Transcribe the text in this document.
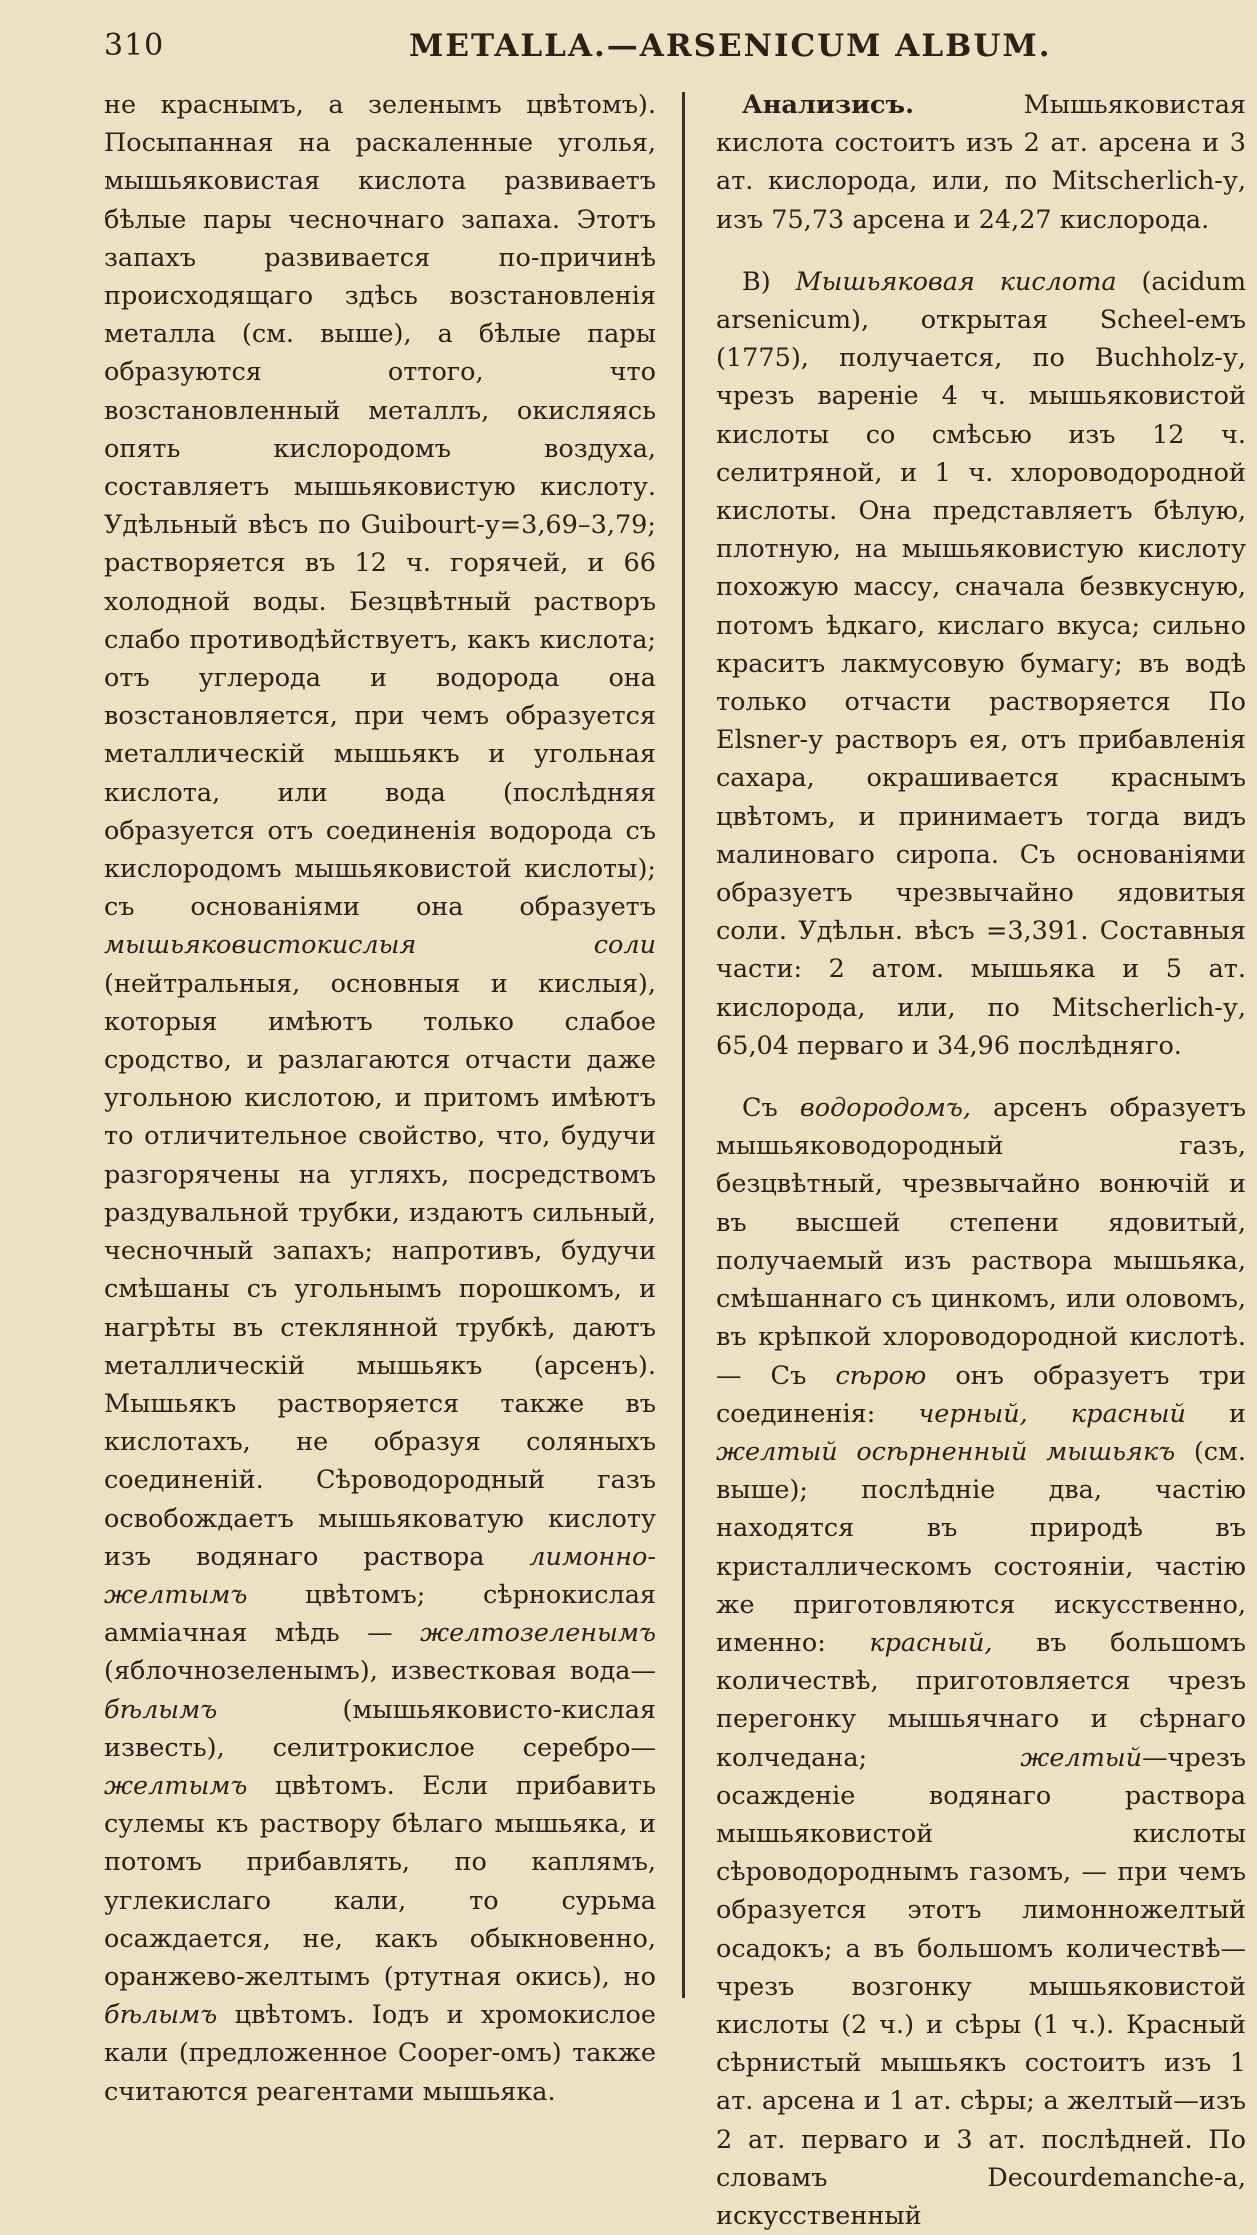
310	METALLA.—ARSENICUM ALBUM.

не краснымъ, а зеленымъ цвѣтомъ). Посыпанная на раскаленные уголья, мышьяковистая кислота развиваетъ бѣлые пары чесночнаго запаха. Этотъ запахъ развивается по-причинѣ происходящаго здѣсь возстановленія металла (см. выше), а бѣлые пары образуются оттого, что возстановленный металлъ, окисляясь опять кислородомъ воздуха, составляетъ мышьяковистую кислоту. Удѣльный вѣсъ по Guibourt-у=3,69–3,79; растворяется въ 12 ч. горячей, и 66 холодной воды. Безцвѣтный растворъ слабо противодѣйствуетъ, какъ кислота; отъ углерода и водорода она возстановляется, при чемъ образуется металлическій мышьякъ и угольная кислота, или вода (послѣдняя образуется отъ соединенія водорода съ кислородомъ мышьяковистой кислоты); съ основаніями она образуетъ мышьяковистокислыя соли (нейтральныя, основныя и кислыя), которыя имѣютъ только слабое сродство, и разлагаются отчасти даже угольною кислотою, и притомъ имѣютъ то отличительное свойство, что, будучи разгорячены на угляхъ, посредствомъ раздувальной трубки, издаютъ сильный, чесночный запахъ; напротивъ, будучи смѣшаны съ угольнымъ порошкомъ, и нагрѣты въ стеклянной трубкѣ, даютъ металлическій мышьякъ (арсенъ). Мышьякъ растворяется также въ кислотахъ, не образуя соляныхъ соединеній. Сѣроводородный газъ освобождаетъ мышьяковатую кислоту изъ водянаго раствора лимонно-желтымъ цвѣтомъ; сѣрнокислая аммiачная мѣдь — желтозеленымъ (яблочнозеленымъ), известковая вода—бѣлымъ (мышьяковисто-кислая известь), селитрокислое серебро—желтымъ цвѣтомъ. Если прибавить сулемы къ раствору бѣлаго мышьяка, и потомъ прибавлять, по каплямъ, углекислаго кали, то сурьма осаждается, не, какъ обыкновенно, оранжево-желтымъ (ртутная окись), но бѣлымъ цвѣтомъ. Іодъ и хромокислое кали (предложенное Cooper-омъ) также считаются реагентами мышьяка.

Анализисъ. Мышьяковистая кислота состоитъ изъ 2 ат. арсена и 3 ат. кислорода, или, по Mitscherlich-у, изъ 75,73 арсена и 24,27 кислорода.

B) Мышьяковая кислота (acidum arsenicum), открытая Scheel-емъ (1775), получается, по Buchholz-у, чрезъ вареніе 4 ч. мышьяковистой кислоты со смѣсью изъ 12 ч. селитряной, и 1 ч. хлороводородной кислоты. Она представляетъ бѣлую, плотную, на мышьяковистую кислоту похожую массу, сначала безвкусную, потомъ ѣдкаго, кислаго вкуса; сильно краситъ лакмусовую бумагу; въ водѣ только отчасти растворяется По Elsner-у растворъ ея, отъ прибавленія сахара, окрашивается краснымъ цвѣтомъ, и принимаетъ тогда видъ малиноваго сиропа. Съ основаніями образуетъ чрезвычайно ядовитыя соли. Удѣльн. вѣсъ =3,391. Составныя части: 2 атом. мышьяка и 5 ат. кислорода, или, по Mitscherlich-у, 65,04 перваго и 34,96 послѣдняго.

Съ водородомъ, арсенъ образуетъ мышьяководородный газъ, безцвѣтный, чрезвычайно вонючій и въ высшей степени ядовитый, получаемый изъ раствора мышьяка, смѣшаннаго съ цинкомъ, или оловомъ, въ крѣпкой хлороводородной кислотѣ. — Съ сѣрою онъ образуетъ три соединенія: черный, красный и желтый осѣрненный мышьякъ (см. выше); послѣдніе два, частію находятся въ природѣ въ кристаллическомъ состояніи, частію же приготовляются искусственно, именно: красный, въ большомъ количествѣ, приготовляется чрезъ перегонку мышьячнаго и сѣрнаго колчедана; желтый—чрезъ осажденіе водянаго раствора мышьяковистой кислоты сѣроводороднымъ газомъ, — при чемъ образуется этотъ лимонножелтый осадокъ; а въ большомъ количествѣ—чрезъ возгонку мышьяковистой кислоты (2 ч.) и сѣры (1 ч.). Красный сѣрнистый мышьякъ состоитъ изъ 1 ат. арсена и 1 ат. сѣры; а желтый—изъ 2 ат. перваго и 3 ат. послѣдней. По словамъ Decourdemanche-а, искусственный
